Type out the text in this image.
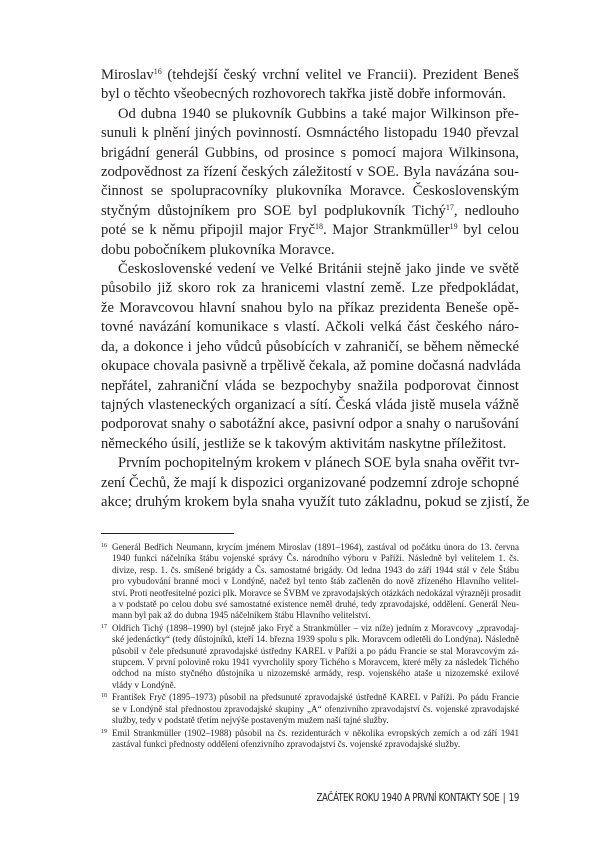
Miroslav$^{16}$ (tehdejší český vrchní velitel ve Francii). Prezident Beneš
byl o těchto všeobecných rozhovorech takřka jistě dobře informován.

Od dubna 1940 se plukovník Gubbins a také major Wilkinson pře-
sunuli k plnění jiných povinností. Osmnáctého listopadu 1940 převzal
brigádní generál Gubbins, od prosince s pomocí majora Wilkinsona,
zodpovědnost za řízení českých záležitostí v SOE. Byla navázána sou-
činnost se spolupracovníky plukovníka Moravce. Československým
styčným důstojníkem pro SOE byl podplukovník Tichý$^{17}$, nedlouho
poté se k němu připojil major Fryč$^{18}$. Major Strankmüller$^{19}$ byl celou
dobu pobočníkem plukovníka Moravce.

Československé vedení ve Velké Británii stejně jako jinde ve světě
působilo již skoro rok za hranicemi vlastní země. Lze předpokládat,
že Moravcovou hlavní snahou bylo na příkaz prezidenta Beneše opě-
tovné navázání komunikace s vlastí. Ačkoli velká část českého náro-
da, a dokonce i jeho vůdců působících v zahraničí, se během německé
okupace chovala pasivně a trpělivě čekala, až pomine dočasná nadvláda
nepřátel, zahraniční vláda se bezpochyby snažila podporovat činnost
tajných vlasteneckých organizací a sítí. Česká vláda jistě musela vážně
podporovat snahy o sabotážní akce, pasivní odpor a snahy o narušování
německého úsilí, jestliže se k takovým aktivitám naskytne příležitost.

Prvním pochopitelným krokem v plánech SOE byla snaha ověřit tvr-
zení Čechů, že mají k dispozici organizované podzemní zdroje schopné
akce; druhým krokem byla snaha využít tuto základnu, pokud se zjistí, že

16 Generál Bedřich Neumann, krycím jménem Miroslav (1891–1964), zastával od počátku února do 13. června
1940 funkci náčelníka štábu vojenské správy Čs. národního výboru v Paříži. Následně byl velitelem 1. čs.
divize, resp. 1. čs. smíšené brigády a Čs. samostatné brigády. Od ledna 1943 do září 1944 stál v čele Štábu
pro vybudování branné moci v Londýně, načež byl tento štáb začleněn do nově zřízeného Hlavního velitel-
ství. Proti neotřesitelné pozici plk. Moravce se ŠVBM ve zpravodajských otázkách nedokázal výrazněji prosadit
a v podstatě po celou dobu své samostatné existence neměl druhé, tedy zpravodajské, oddělení. Generál Neu-
mann byl pak až do dubna 1945 náčelníkem štábu Hlavního velitelství.
17 Oldřich Tichý (1898–1990) byl (stejně jako Fryč a Strankmüller – viz níže) jedním z Moravcovy „zpravodaj-
ské jedenáctky“ (tedy důstojníků, kteří 14. března 1939 spolu s plk. Moravcem odletěli do Londýna). Následně
působil v čele předsunuté zpravodajské ústředny KAREL v Paříži a po pádu Francie se stal Moravcovým zá-
stupcem. V první polovině roku 1941 vyvrcholily spory Tichého s Moravcem, které měly za následek Tichého
odchod na místo styčného důstojníka u nizozemské armády, resp. vojenského ataše u nizozemské exilové
vlády v Londýně.
18 František Fryč (1895–1973) působil na předsunuté zpravodajské ústředně KAREL v Paříži. Po pádu Francie
se v Londýně stal přednostou zpravodajské skupiny „A“ ofenzivního zpravodajství čs. vojenské zpravodajské
služby, tedy v podstatě třetím nejvýše postaveným mužem naší tajné služby.
19 Emil Strankmüller (1902–1988) působil na čs. rezidenturách v několika evropských zemích a od září 1941
zastával funkci přednosty oddělení ofenzivního zpravodajství čs. vojenské zpravodajské služby.
ZAČÁTEK ROKU 1940 A PRVNÍ KONTAKTY SOE | 19
